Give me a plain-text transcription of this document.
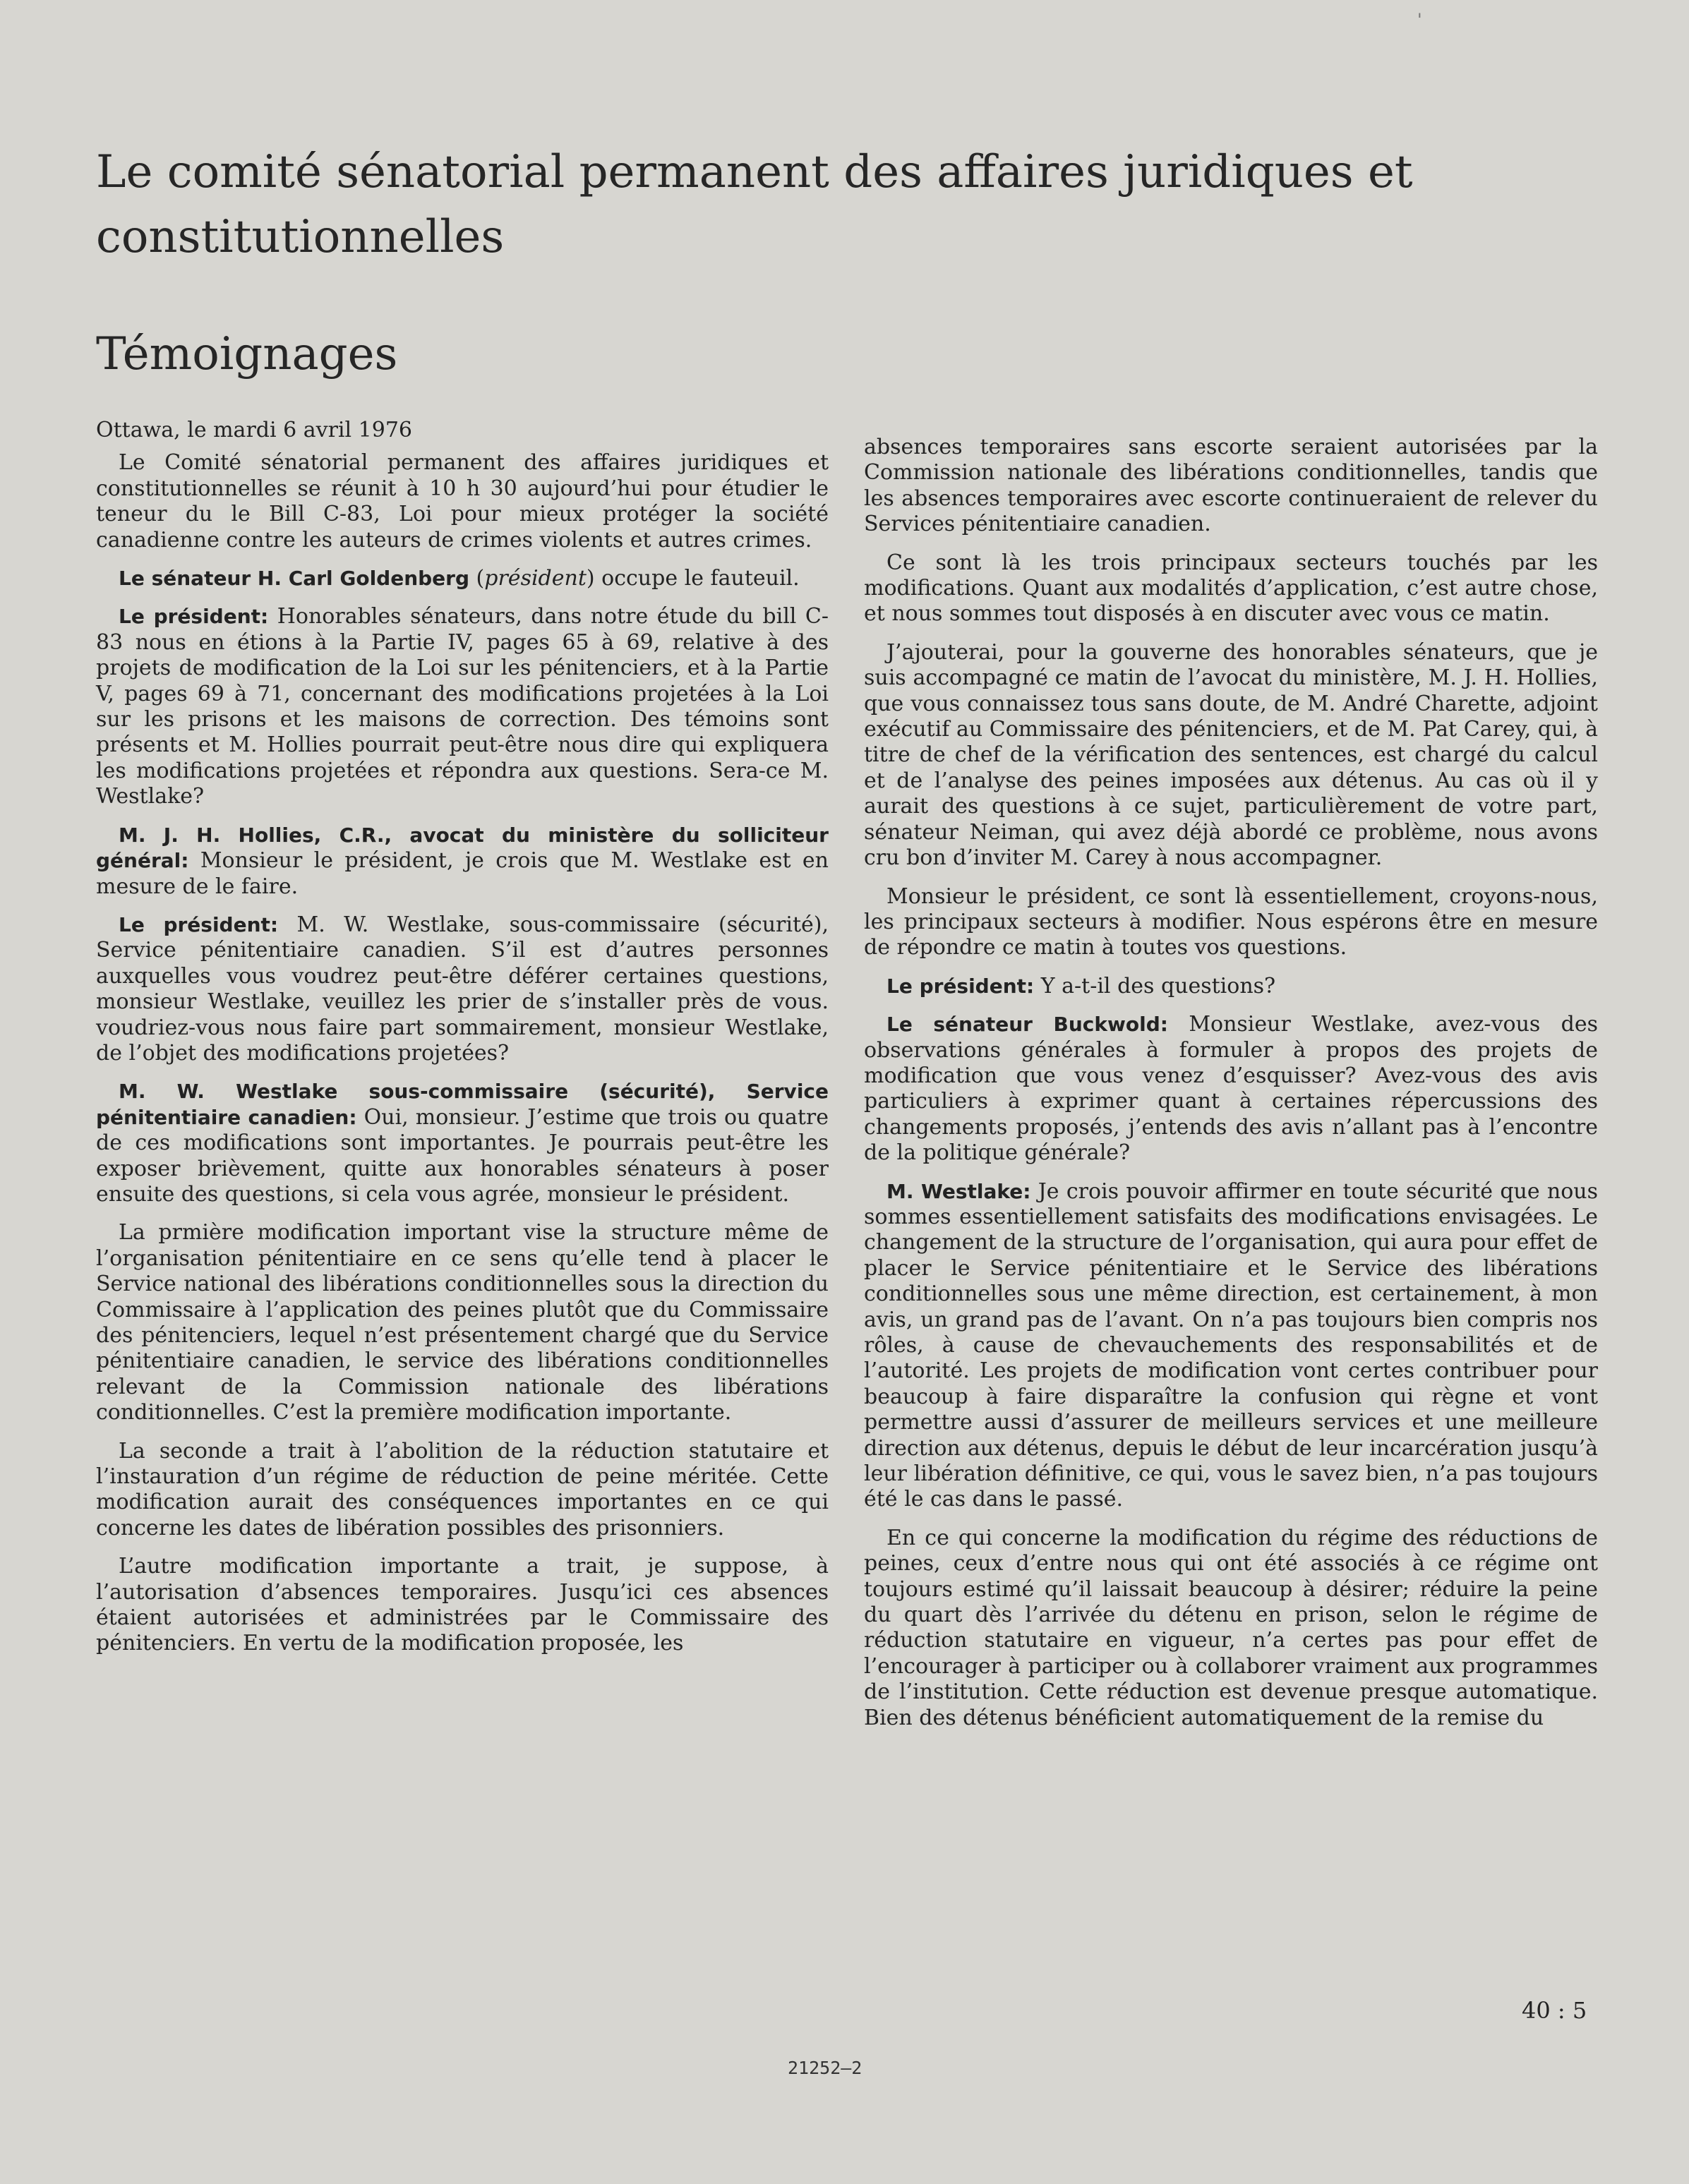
'
Le comité sénatorial permanent des affaires juridiques et constitutionnelles
Témoignages

Ottawa, le mardi 6 avril 1976

Le Comité sénatorial permanent des affaires juridiques et constitutionnelles se réunit à 10 h 30 aujourd’hui pour étudier le teneur du le Bill C-83, Loi pour mieux protéger la société canadienne contre les auteurs de crimes violents et autres crimes.

Le sénateur H. Carl Goldenberg (président) occupe le fauteuil.

Le président: Honorables sénateurs, dans notre étude du bill C-83 nous en étions à la Partie IV, pages 65 à 69, relative à des projets de modification de la Loi sur les pénitenciers, et à la Partie V, pages 69 à 71, concernant des modifications projetées à la Loi sur les prisons et les maisons de correction. Des témoins sont présents et M. Hollies pourrait peut-être nous dire qui expliquera les modifications projetées et répondra aux questions. Sera-ce M. Westlake?

M. J. H. Hollies, C.R., avocat du ministère du solliciteur général: Monsieur le président, je crois que M. Westlake est en mesure de le faire.

Le président: M. W. Westlake, sous-commissaire (sécurité), Service pénitentiaire canadien. S’il est d’autres personnes auxquelles vous voudrez peut-être déférer certaines questions, monsieur Westlake, veuillez les prier de s’installer près de vous. voudriez-vous nous faire part sommairement, monsieur Westlake, de l’objet des modifications projetées?

M. W. Westlake sous-commissaire (sécurité), Service pénitentiaire canadien: Oui, monsieur. J’estime que trois ou quatre de ces modifications sont importantes. Je pourrais peut-être les exposer brièvement, quitte aux honorables sénateurs à poser ensuite des questions, si cela vous agrée, monsieur le président.

La prmière modification important vise la structure même de l’organisation pénitentiaire en ce sens qu’elle tend à placer le Service national des libérations conditionnelles sous la direction du Commissaire à l’application des peines plutôt que du Commissaire des pénitenciers, lequel n’est présentement chargé que du Service pénitentiaire canadien, le service des libérations conditionnelles relevant de la Commission nationale des libérations conditionnelles. C’est la première modification importante.

La seconde a trait à l’abolition de la réduction statutaire et l’instauration d’un régime de réduction de peine méritée. Cette modification aurait des conséquences importantes en ce qui concerne les dates de libération possibles des prisonniers.

L’autre modification importante a trait, je suppose, à l’autorisation d’absences temporaires. Jusqu’ici ces absences étaient autorisées et administrées par le Commissaire des pénitenciers. En vertu de la modification proposée, les

absences temporaires sans escorte seraient autorisées par la Commission nationale des libérations conditionnelles, tandis que les absences temporaires avec escorte continueraient de relever du Services pénitentiaire canadien.

Ce sont là les trois principaux secteurs touchés par les modifications. Quant aux modalités d’application, c’est autre chose, et nous sommes tout disposés à en discuter avec vous ce matin.

J’ajouterai, pour la gouverne des honorables sénateurs, que je suis accompagné ce matin de l’avocat du ministère, M. J. H. Hollies, que vous connaissez tous sans doute, de M. André Charette, adjoint exécutif au Commissaire des pénitenciers, et de M. Pat Carey, qui, à titre de chef de la vérification des sentences, est chargé du calcul et de l’analyse des peines imposées aux détenus. Au cas où il y aurait des questions à ce sujet, particulièrement de votre part, sénateur Neiman, qui avez déjà abordé ce problème, nous avons cru bon d’inviter M. Carey à nous accompagner.

Monsieur le président, ce sont là essentiellement, croyons-nous, les principaux secteurs à modifier. Nous espérons être en mesure de répondre ce matin à toutes vos questions.

Le président: Y a-t-il des questions?

Le sénateur Buckwold: Monsieur Westlake, avez-vous des observations générales à formuler à propos des projets de modification que vous venez d’esquisser? Avez-vous des avis particuliers à exprimer quant à certaines répercussions des changements proposés, j’entends des avis n’allant pas à l’encontre de la politique générale?

M. Westlake: Je crois pouvoir affirmer en toute sécurité que nous sommes essentiellement satisfaits des modifications envisagées. Le changement de la structure de l’organisation, qui aura pour effet de placer le Service pénitentiaire et le Service des libérations conditionnelles sous une même direction, est certainement, à mon avis, un grand pas de l’avant. On n’a pas toujours bien compris nos rôles, à cause de chevauchements des responsabilités et de l’autorité. Les projets de modification vont certes contribuer pour beaucoup à faire disparaître la confusion qui règne et vont permettre aussi d’assurer de meilleurs services et une meilleure direction aux détenus, depuis le début de leur incarcération jusqu’à leur libération définitive, ce qui, vous le savez bien, n’a pas toujours été le cas dans le passé.

En ce qui concerne la modification du régime des réductions de peines, ceux d’entre nous qui ont été associés à ce régime ont toujours estimé qu’il laissait beaucoup à désirer; réduire la peine du quart dès l’arrivée du détenu en prison, selon le régime de réduction statutaire en vigueur, n’a certes pas pour effet de l’encourager à participer ou à collaborer vraiment aux programmes de l’institution. Cette réduction est devenue presque automatique. Bien des détenus bénéficient automatiquement de la remise du

40 : 5
21252—2
